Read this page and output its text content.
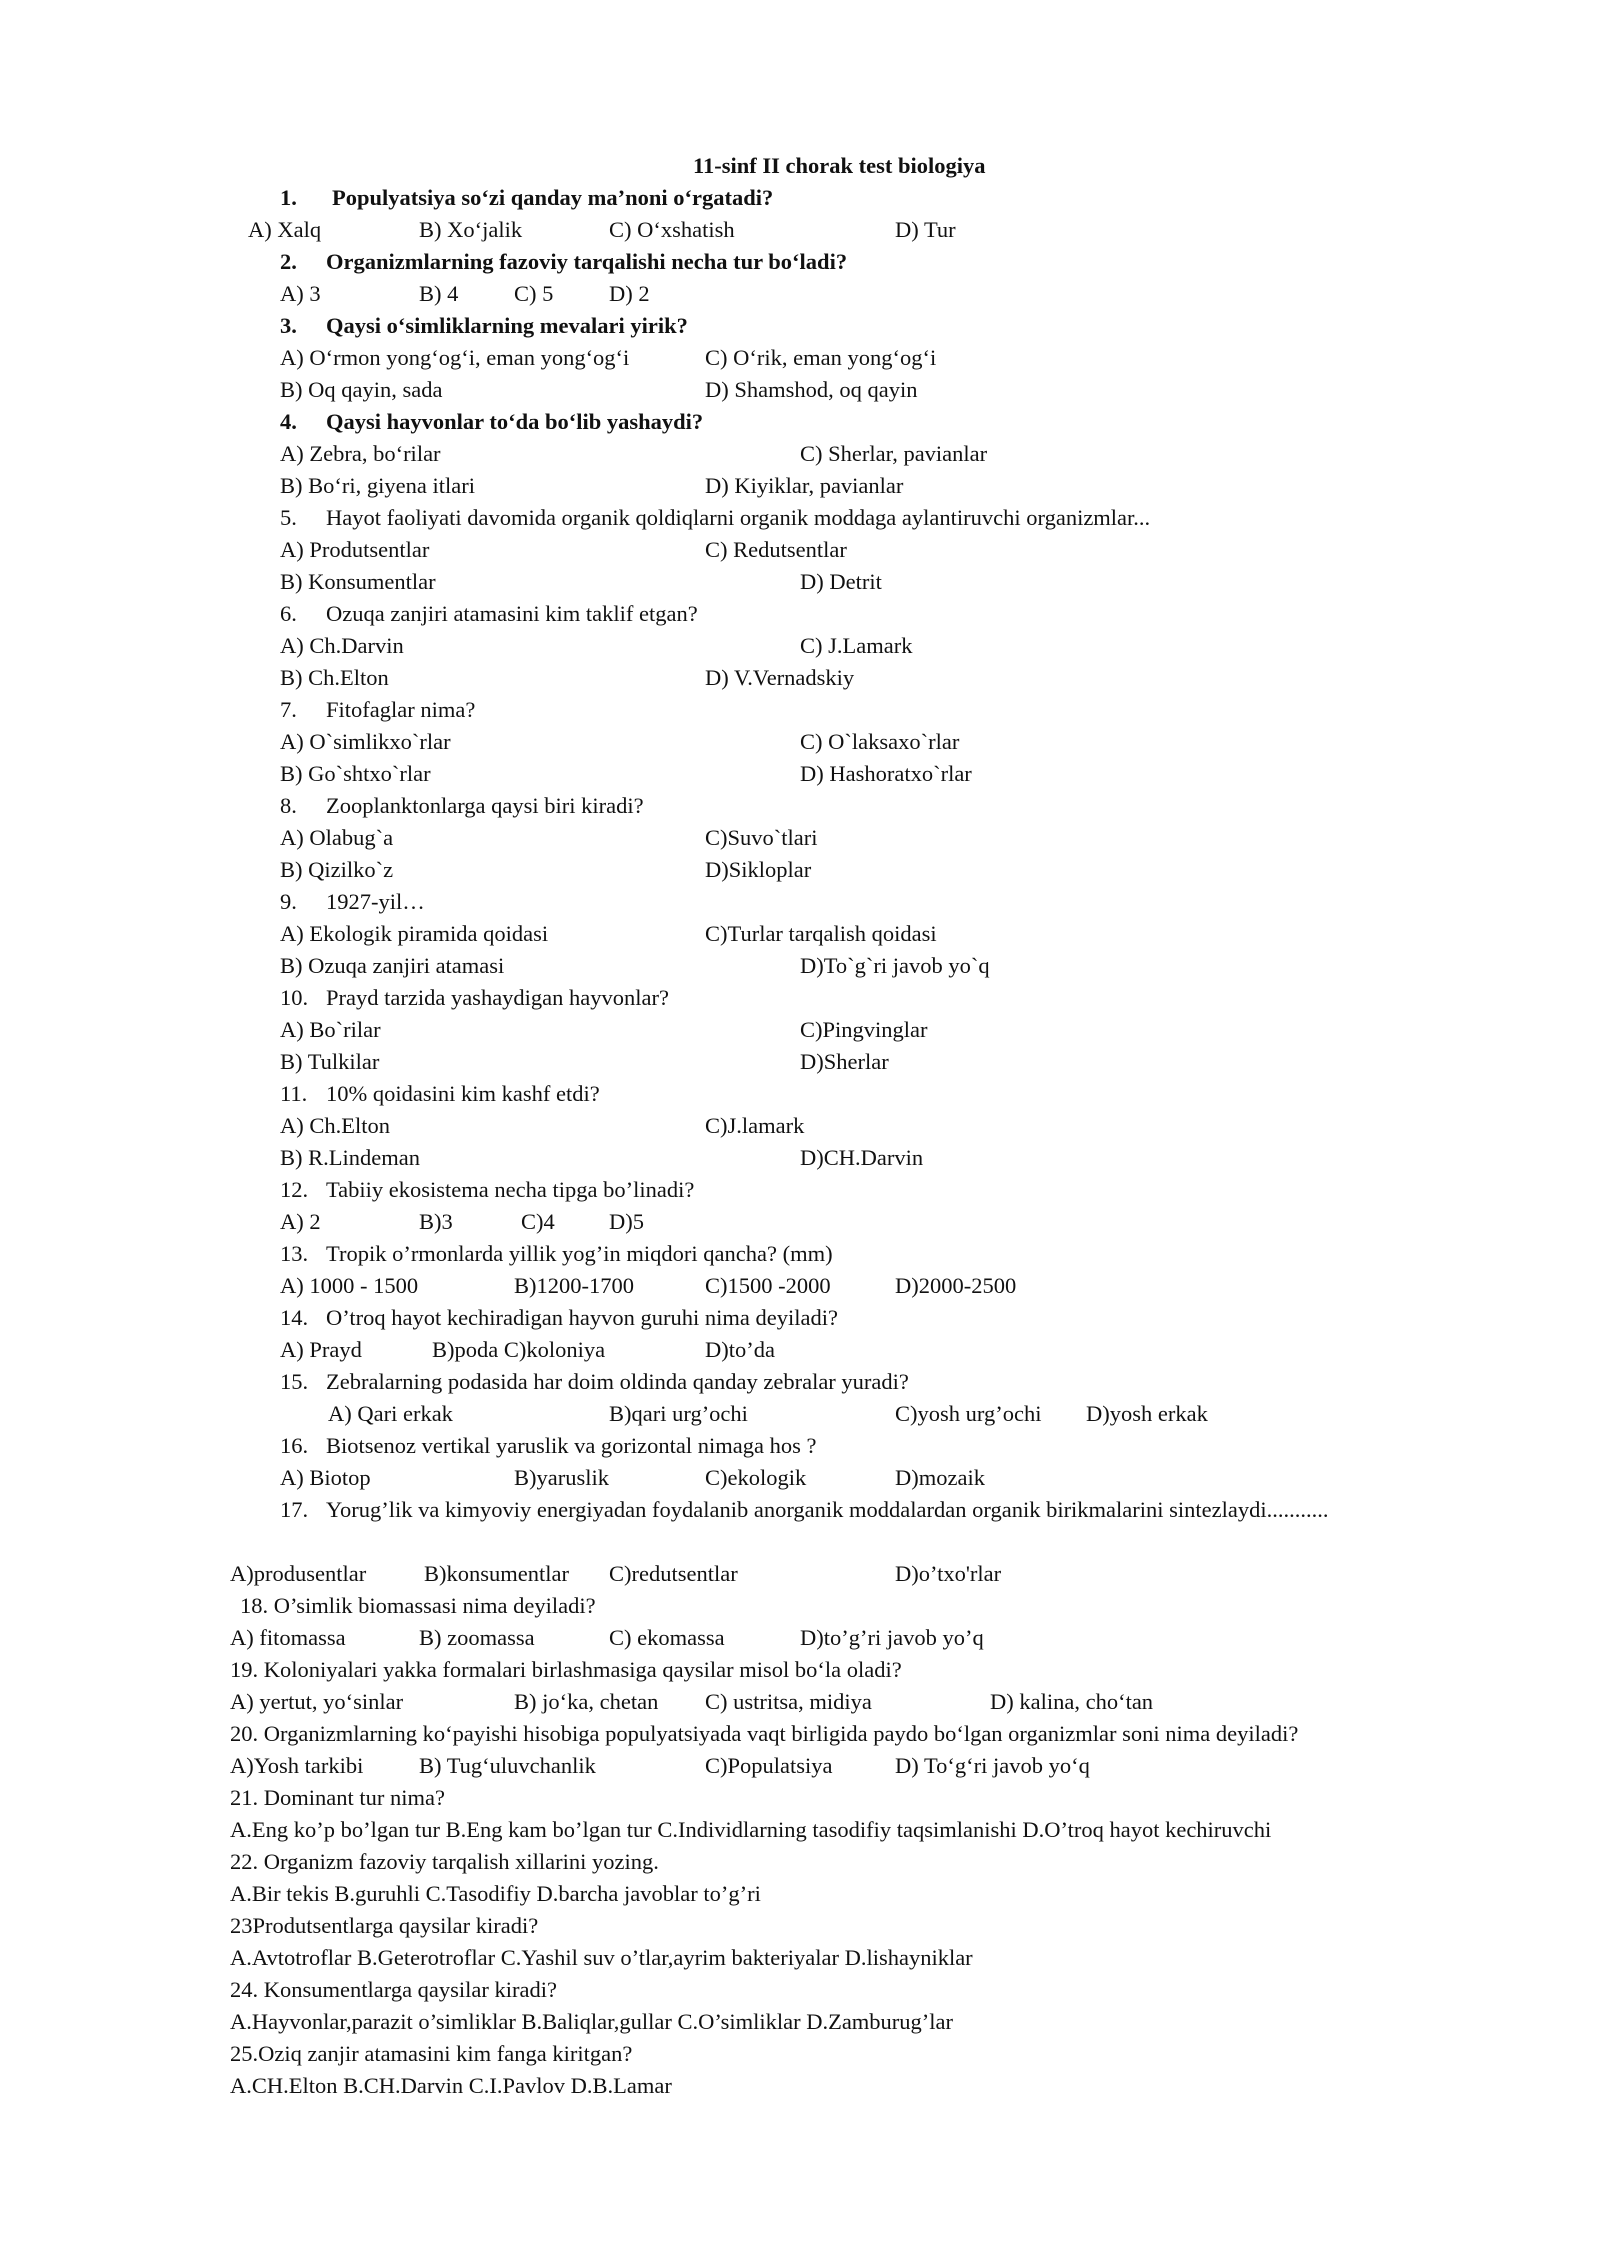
11-sinf II chorak test biologiya
1. Populyatsiya so‘zi qanday ma’noni o‘rgatadi?
A) Xalq	B) Xo‘jalik	C) O‘xshatish	D) Tur
2. Organizmlarning fazoviy tarqalishi necha tur bo‘ladi?
A) 3	B) 4 C) 5 D) 2
3. Qaysi o‘simliklarning mevalari yirik?
A) O‘rmon yong‘og‘i, eman yong‘og‘i	C) O‘rik, eman yong‘og‘i
B) Oq qayin, sada	D) Shamshod, oq qayin
4. Qaysi hayvonlar to‘da bo‘lib yashaydi?
A) Zebra, bo‘rilar	C) Sherlar, pavianlar
B) Bo‘ri, giyena itlari	D) Kiyiklar, pavianlar
5. Hayot faoliyati davomida organik qoldiqlarni organik moddaga aylantiruvchi organizmlar...
A) Produtsentlar	C) Redutsentlar
B) Konsumentlar	D) Detrit
6. Ozuqa zanjiri atamasini kim taklif etgan?
A) Ch.Darvin	C) J.Lamark
B) Ch.Elton	D) V.Vernadskiy
7. Fitofaglar nima?
A) O`simlikxo`rlar	C) O`laksaxo`rlar
B) Go`shtxo`rlar	D) Hashoratxo`rlar
8. Zooplanktonlarga qaysi biri kiradi?
A) Olabug`a	C)Suvo`tlari
B) Qizilko`z	D)Sikloplar
9. 1927-yil…
A) Ekologik piramida qoidasi	C)Turlar tarqalish qoidasi
B) Ozuqa zanjiri atamasi	D)To`g`ri javob yo`q
10. Prayd tarzida yashaydigan hayvonlar?
A) Bo`rilar	C)Pingvinglar
B) Tulkilar	D)Sherlar
11. 10% qoidasini kim kashf etdi?
A) Ch.Elton	C)J.lamark
B) R.Lindeman	D)CH.Darvin
12. Tabiiy ekosistema necha tipga bo’linadi?
A) 2	B)3	C)4 D)5
13. Tropik o’rmonlarda yillik yog’in miqdori qancha? (mm)
A) 1000 - 1500	B)1200-1700	C)1500 -2000	D)2000-2500
14. O’troq hayot kechiradigan hayvon guruhi nima deyiladi?
A) Prayd	B)poda C)koloniya	D)to’da
15. Zebralarning podasida har doim oldinda qanday zebralar yuradi?
A) Qari erkak	B)qari urg’ochi	C)yosh urg’ochi D)yosh erkak
16. Biotsenoz vertikal yaruslik va gorizontal nimaga hos ?
A) Biotop	B)yaruslik	C)ekologik	D)mozaik
17. Yorug’lik va kimyoviy energiyadan foydalanib anorganik moddalardan organik birikmalarini sintezlaydi...........
A)produsentlar	B)konsumentlar C)redutsentlar	D)o’txo'rlar
18. O’simlik biomassasi nima deyiladi?
A) fitomassa	B) zoomassa	C) ekomassa	D)to’g’ri javob yo’q
19. Koloniyalari yakka formalari birlashmasiga qaysilar misol bo‘la oladi?
A) yertut, yo‘sinlar	B) jo‘ka, chetan C) ustritsa, midiya	D) kalina, cho‘tan
20. Organizmlarning ko‘payishi hisobiga populyatsiyada vaqt birligida paydo bo‘lgan organizmlar soni nima deyiladi?
A)Yosh tarkibi B) Tug‘uluvchanlik	C)Populatsiya	D) To‘g‘ri javob yo‘q
21. Dominant tur nima?
A.Eng ko’p bo’lgan tur B.Eng kam bo’lgan tur C.Individlarning tasodifiy taqsimlanishi D.O’troq hayot kechiruvchi
22. Organizm fazoviy tarqalish xillarini yozing.
A.Bir tekis B.guruhli C.Tasodifiy D.barcha javoblar to’g’ri
23Produtsentlarga qaysilar kiradi?
A.Avtotroflar B.Geterotroflar C.Yashil suv o’tlar,ayrim bakteriyalar D.lishayniklar
24. Konsumentlarga qaysilar kiradi?
A.Hayvonlar,parazit o’simliklar B.Baliqlar,gullar C.O’simliklar D.Zamburug’lar
25.Oziq zanjir atamasini kim fanga kiritgan?
A.CH.Elton B.CH.Darvin C.I.Pavlov D.B.Lamar
